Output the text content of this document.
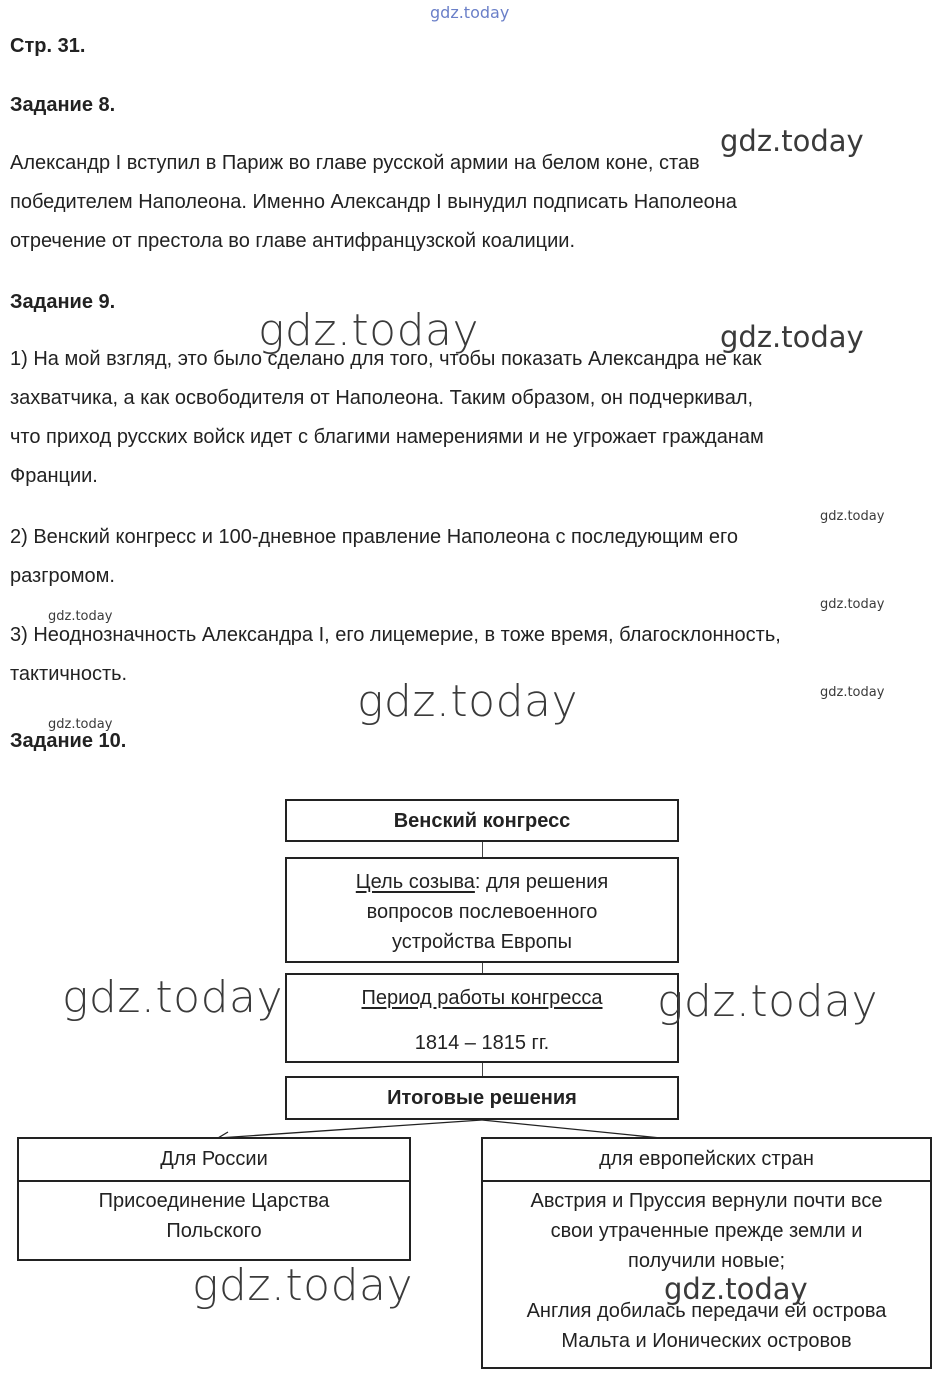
Стр. 31.
Задание 8.
Александр I вступил в Париж во главе русской армии на белом коне, став
победителем Наполеона. Именно Александр I вынудил подписать Наполеона
отречение от престола во главе антифранцузской коалиции.
Задание 9.
1) На мой взгляд, это было сделано для того, чтобы показать Александра не как
захватчика, а как освободителя от Наполеона. Таким образом, он подчеркивал,
что приход русских войск идет с благими намерениями и не угрожает гражданам
Франции.
2) Венский конгресс и 100-дневное правление Наполеона с последующим его
разгромом.
3) Неоднозначность Александра I, его лицемерие, в тоже время, благосклонность,
тактичность.
Задание 10.
Венский конгресс
Цель созыва: для решения
вопросов послевоенного
устройства Европы
Период работы конгресса
1814 – 1815 гг.
Итоговые решения
Для России
Присоединение Царства
Польского
для европейских стран
Австрия и Пруссия вернули почти все
свои утраченные прежде земли и
получили новые;
Англия добилась передачи ей острова
Мальта и Ионических островов
gdz.today
gdz.today
gdz.today	gdz.today
gdz.today
gdz.today
gdz.today
gdz.today	gdz.today
gdz.today
gdz.today	gdz.today
gdz.today	gdz.today
